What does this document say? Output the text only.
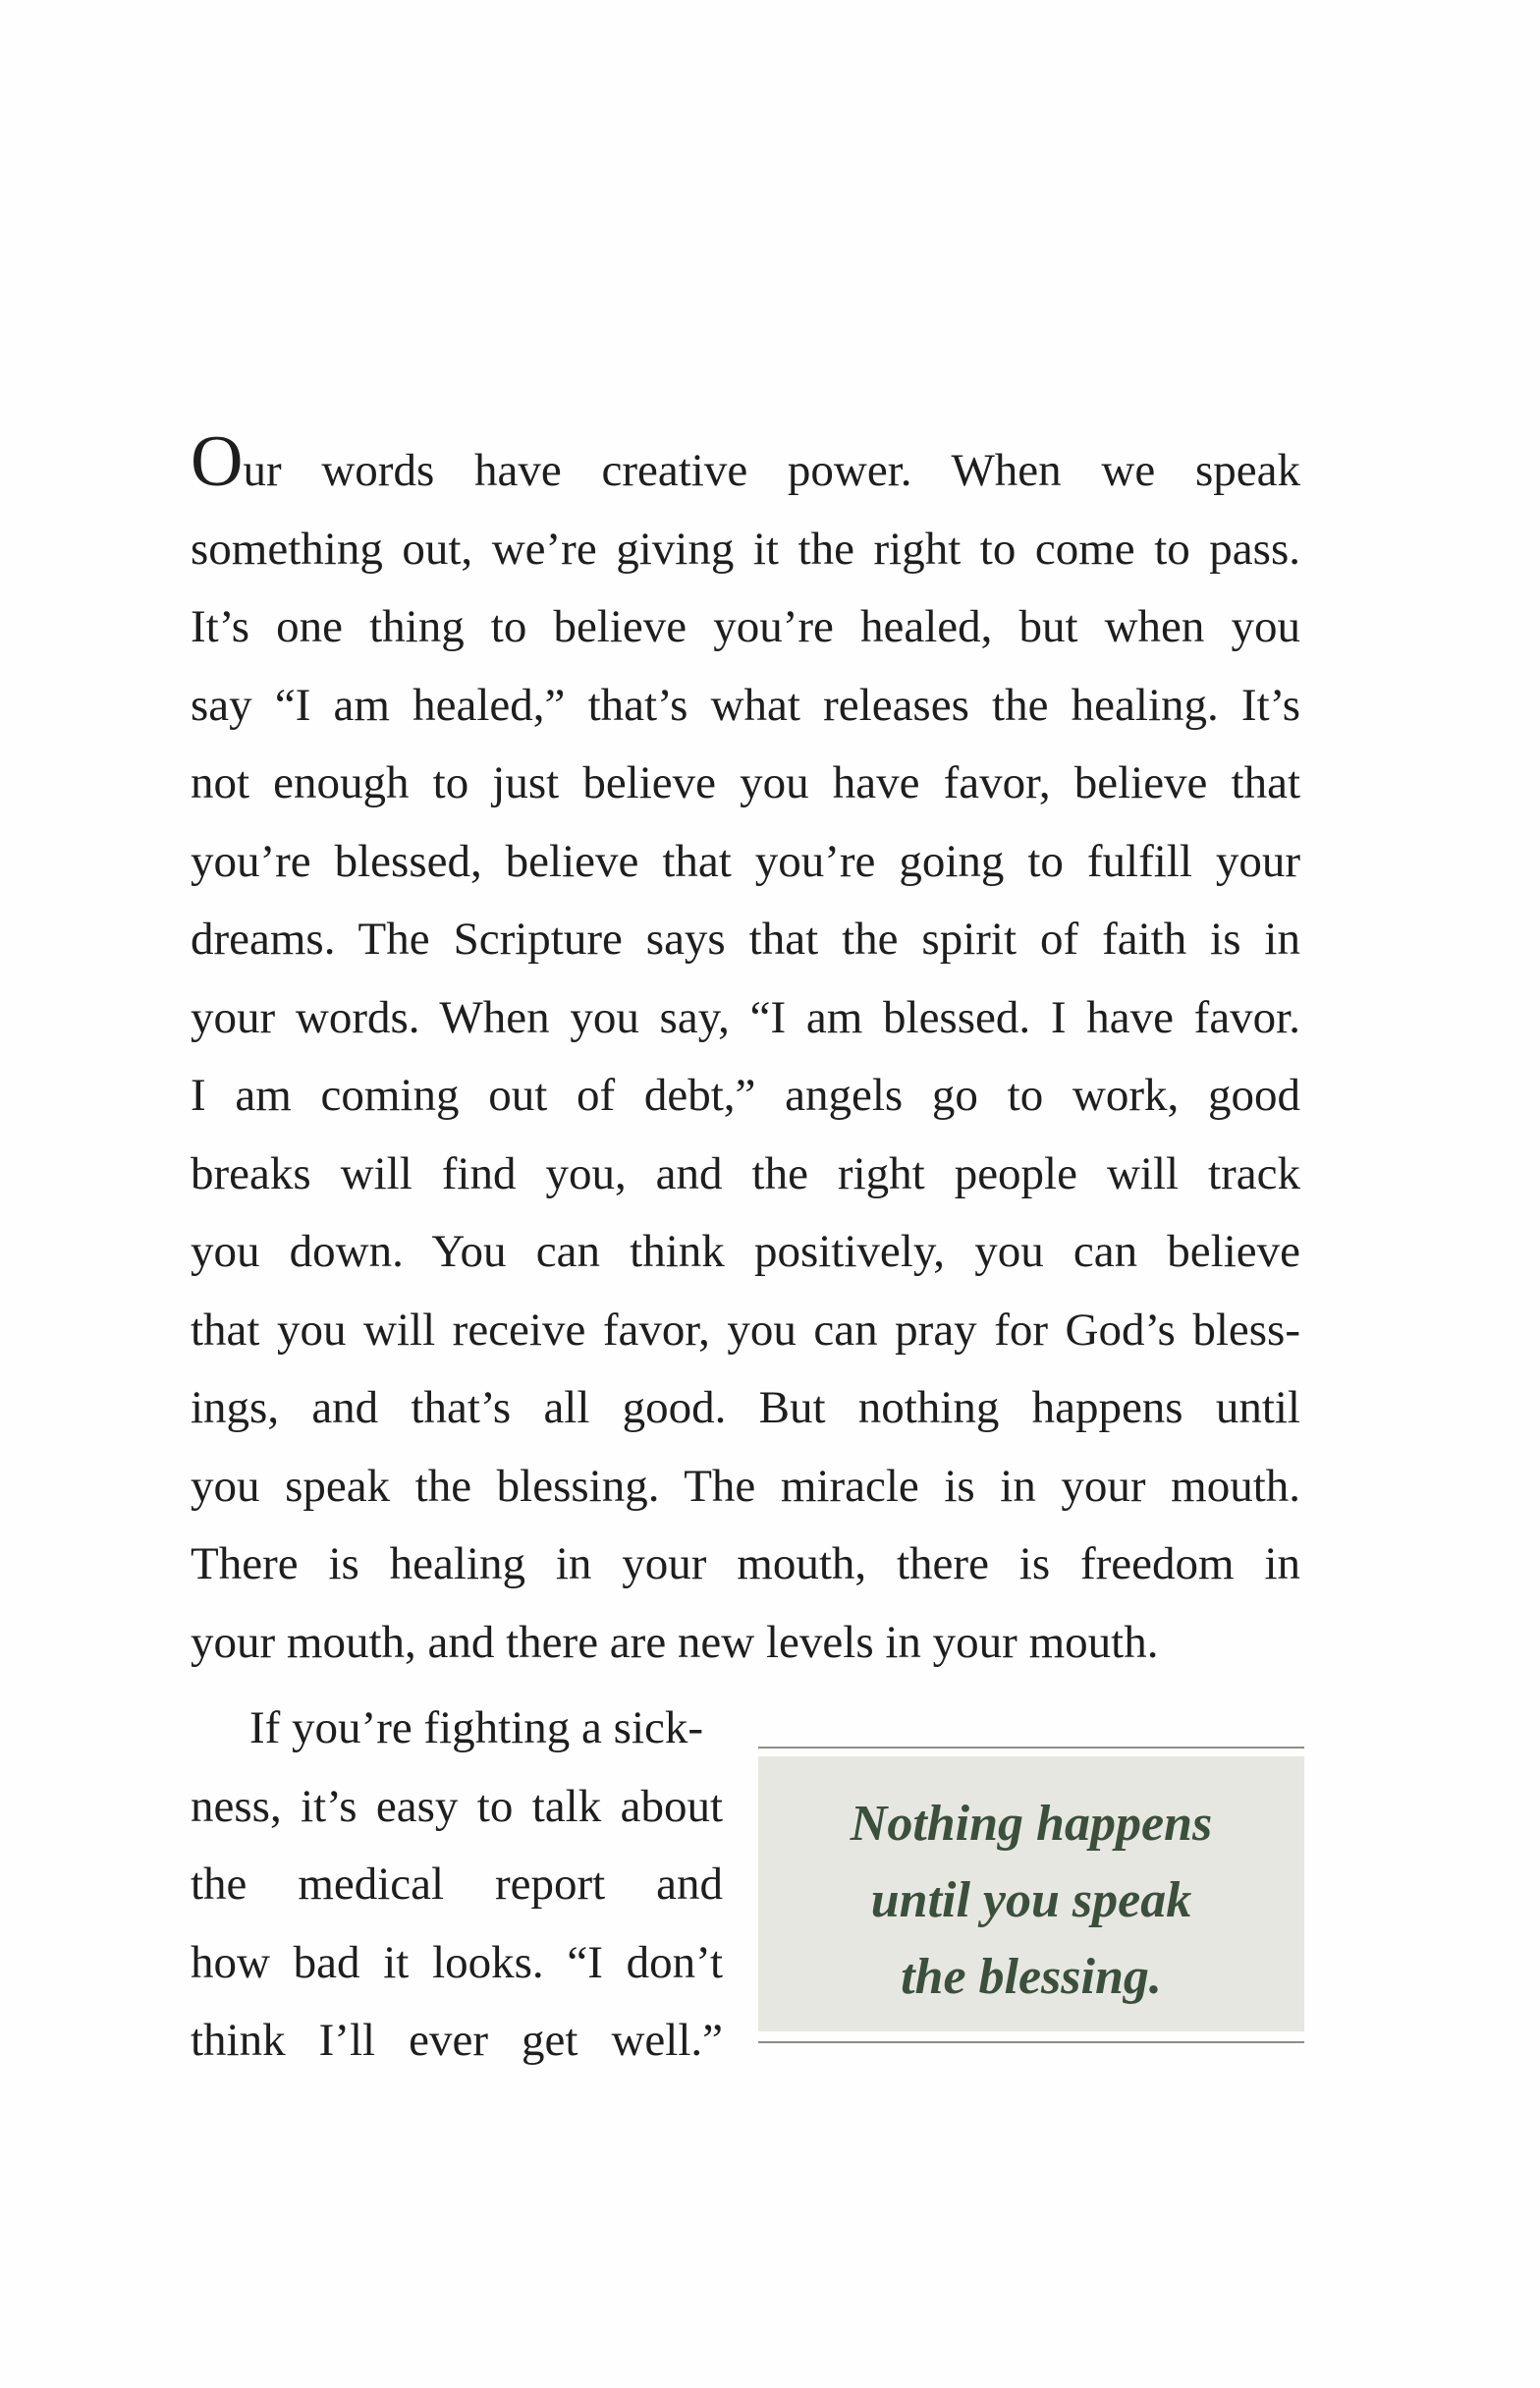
Our words have creative power. When we speak
something out, we’re giving it the right to come to pass.
It’s one thing to believe you’re healed, but when you
say “I am healed,” that’s what releases the healing. It’s
not enough to just believe you have favor, believe that
you’re blessed, believe that you’re going to fulfill your
dreams. The Scripture says that the spirit of faith is in
your words. When you say, “I am blessed. I have favor.
I am coming out of debt,” angels go to work, good
breaks will find you, and the right people will track
you down. You can think positively, you can believe
that you will receive favor, you can pray for God’s bless-
ings, and that’s all good. But nothing happens until
you speak the blessing. The miracle is in your mouth.
There is healing in your mouth, there is freedom in
your mouth, and there are new levels in your mouth.
If you’re fighting a sick-
ness, it’s easy to talk about
the medical report and
how bad it looks. “I don’t
think I’ll ever get well.”
Nothing happens
until you speak
the blessing.
